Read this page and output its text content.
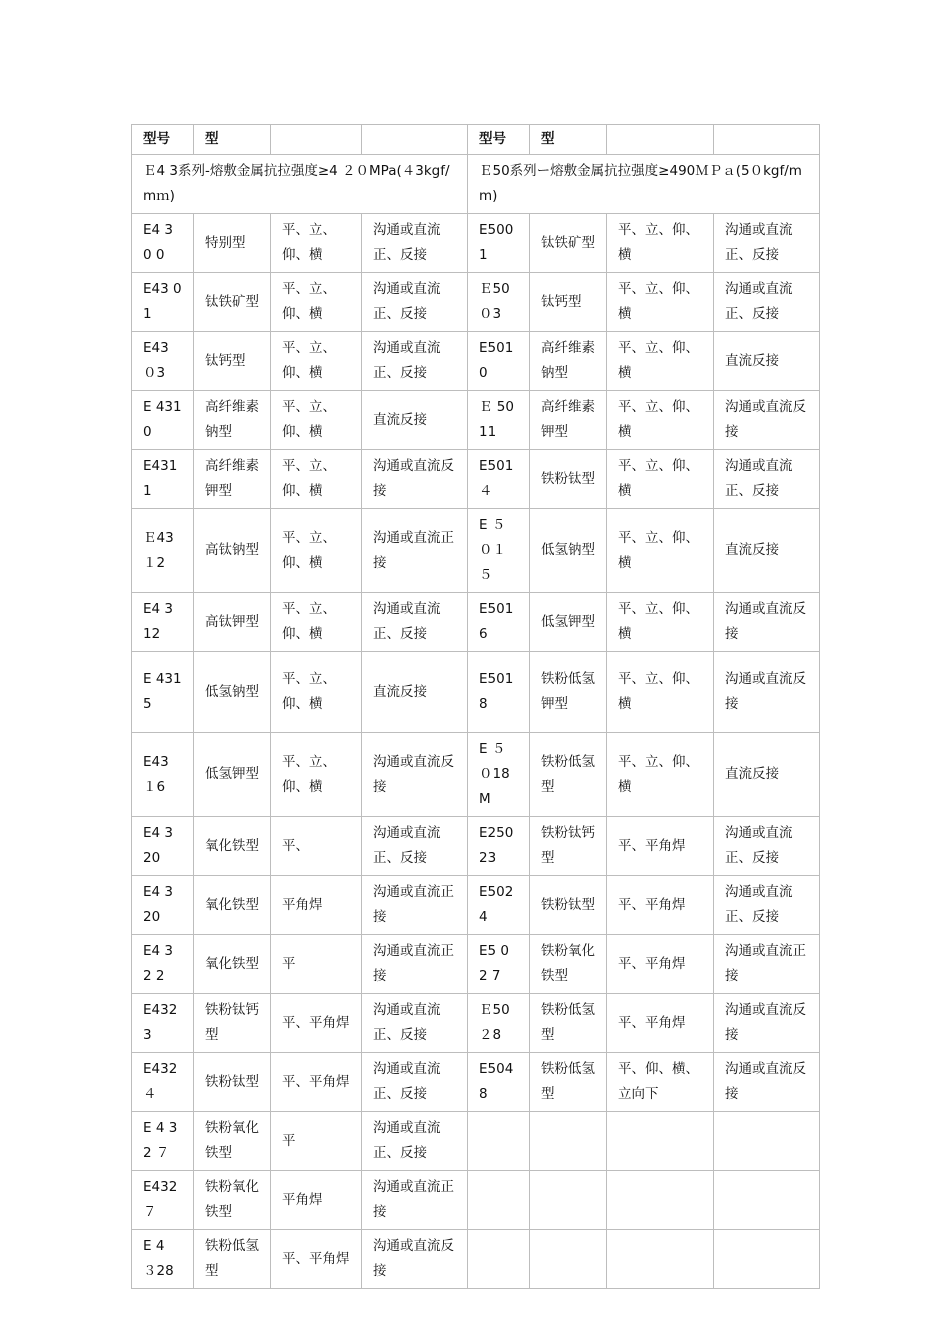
型号	型			型号	型		
Ｅ4 3系列-熔敷金属抗拉强度≥4 ２０MPa(４3kgf/mｍ)				Ｅ50系列ー熔敷金属抗拉强度≥490ＭＰａ(5０kgf/mm)			
E4 3 0 0	特别型	平、立、仰、横	沟通或直流正、反接	E500 1	钛铁矿型	平、立、仰、横	沟通或直流正、反接
E43 0 1	钛铁矿型	平、立、仰、横	沟通或直流正、反接	Ｅ50 ０3	钛钙型	平、立、仰、横	沟通或直流正、反接
E43 ０3	钛钙型	平、立、仰、横	沟通或直流正、反接	E501 0	高纤维素钠型	平、立、仰、横	直流反接
E 4310	高纤维素钠型	平、立、仰、横	直流反接	Ｅ 5011	高纤维素钾型	平、立、仰、横	沟通或直流反接
E431 1	高纤维素钾型	平、立、仰、横	沟通或直流反接	E501 ４	铁粉钛型	平、立、仰、横	沟通或直流正、反接
Ｅ43 １2	高钛钠型	平、立、仰、横	沟通或直流正接	E ５ ０１５	低氢钠型	平、立、仰、横	直流反接
E4 3 12	高钛钾型	平、立、仰、横	沟通或直流正、反接	E501 6	低氢钾型	平、立、仰、横	沟通或直流反接
E 431 5	低氢钠型	平、立、仰、横	直流反接	E501 8	铁粉低氢钾型	平、立、仰、横	沟通或直流反接
E43 １6	低氢钾型	平、立、仰、横	沟通或直流反接	E ５ ０18 M	铁粉低氢型	平、立、仰、横	直流反接
E4 3 20	氧化铁型	平、	沟通或直流正、反接	E250 23	铁粉钛钙型	平、平角焊	沟通或直流正、反接
E4 3 20	氧化铁型	平角焊	沟通或直流正接	E502 4	铁粉钛型	平、平角焊	沟通或直流正、反接
E4 3 2 2	氧化铁型	平	沟通或直流正接	E5 0 2 7	铁粉氧化铁型	平、平角焊	沟通或直流正接
E432 3	铁粉钛钙型	平、平角焊	沟通或直流正、反接	Ｅ50 ２8	铁粉低氢型	平、平角焊	沟通或直流反接
E432 ４	铁粉钛型	平、平角焊	沟通或直流正、反接	E504 8	铁粉低氢型	平、仰、横、立向下	沟通或直流反接
E 4 32 ７	铁粉氧化铁型	平	沟通或直流正、反接				
E432 ７	铁粉氧化铁型	平角焊	沟通或直流正接				
E 4 ３28	铁粉低氢型	平、平角焊	沟通或直流反接				
